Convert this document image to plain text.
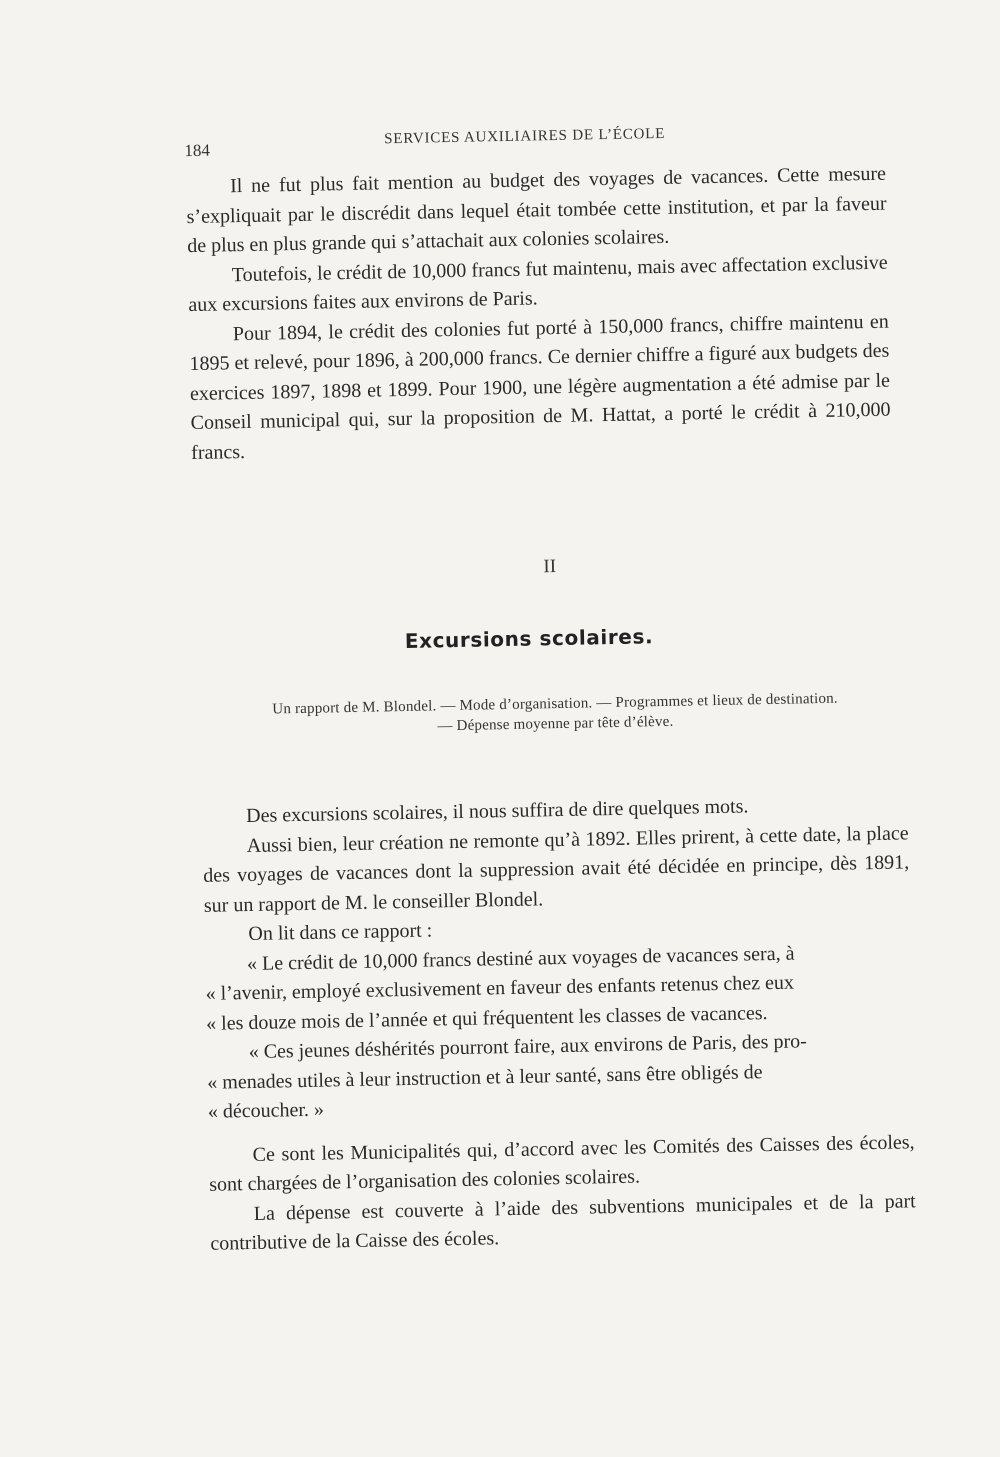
184
SERVICES AUXILIAIRES DE L’ÉCOLE

Il ne fut plus fait mention au budget des voyages de vacances. Cette mesure s’expliquait par le discrédit dans lequel était tombée cette institution, et par la faveur de plus en plus grande qui s’attachait aux colonies scolaires.

Toutefois, le crédit de 10,000 francs fut maintenu, mais avec affectation exclusive aux excursions faites aux environs de Paris.

Pour 1894, le crédit des colonies fut porté à 150,000 francs, chiffre maintenu en 1895 et relevé, pour 1896, à 200,000 francs. Ce dernier chiffre a figuré aux budgets des exercices 1897, 1898 et 1899. Pour 1900, une légère augmentation a été admise par le Conseil municipal qui, sur la proposition de M. Hattat, a porté le crédit à 210,000 francs.

II
Excursions scolaires.
Un rapport de M. Blondel. — Mode d’organisation. — Programmes et lieux de destination.
— Dépense moyenne par tête d’élève.

Des excursions scolaires, il nous suffira de dire quelques mots.

Aussi bien, leur création ne remonte qu’à 1892. Elles prirent, à cette date, la place des voyages de vacances dont la suppression avait été décidée en principe, dès 1891, sur un rapport de M. le conseiller Blondel.

On lit dans ce rapport :

« Le crédit de 10,000 francs destiné aux voyages de vacances sera, à

« l’avenir, employé exclusivement en faveur des enfants retenus chez eux

« les douze mois de l’année et qui fréquentent les classes de vacances.

« Ces jeunes déshérités pourront faire, aux environs de Paris, des pro-

« menades utiles à leur instruction et à leur santé, sans être obligés de

« découcher. »

Ce sont les Municipalités qui, d’accord avec les Comités des Caisses des écoles, sont chargées de l’organisation des colonies scolaires.

La dépense est couverte à l’aide des subventions municipales et de la part contributive de la Caisse des écoles.
